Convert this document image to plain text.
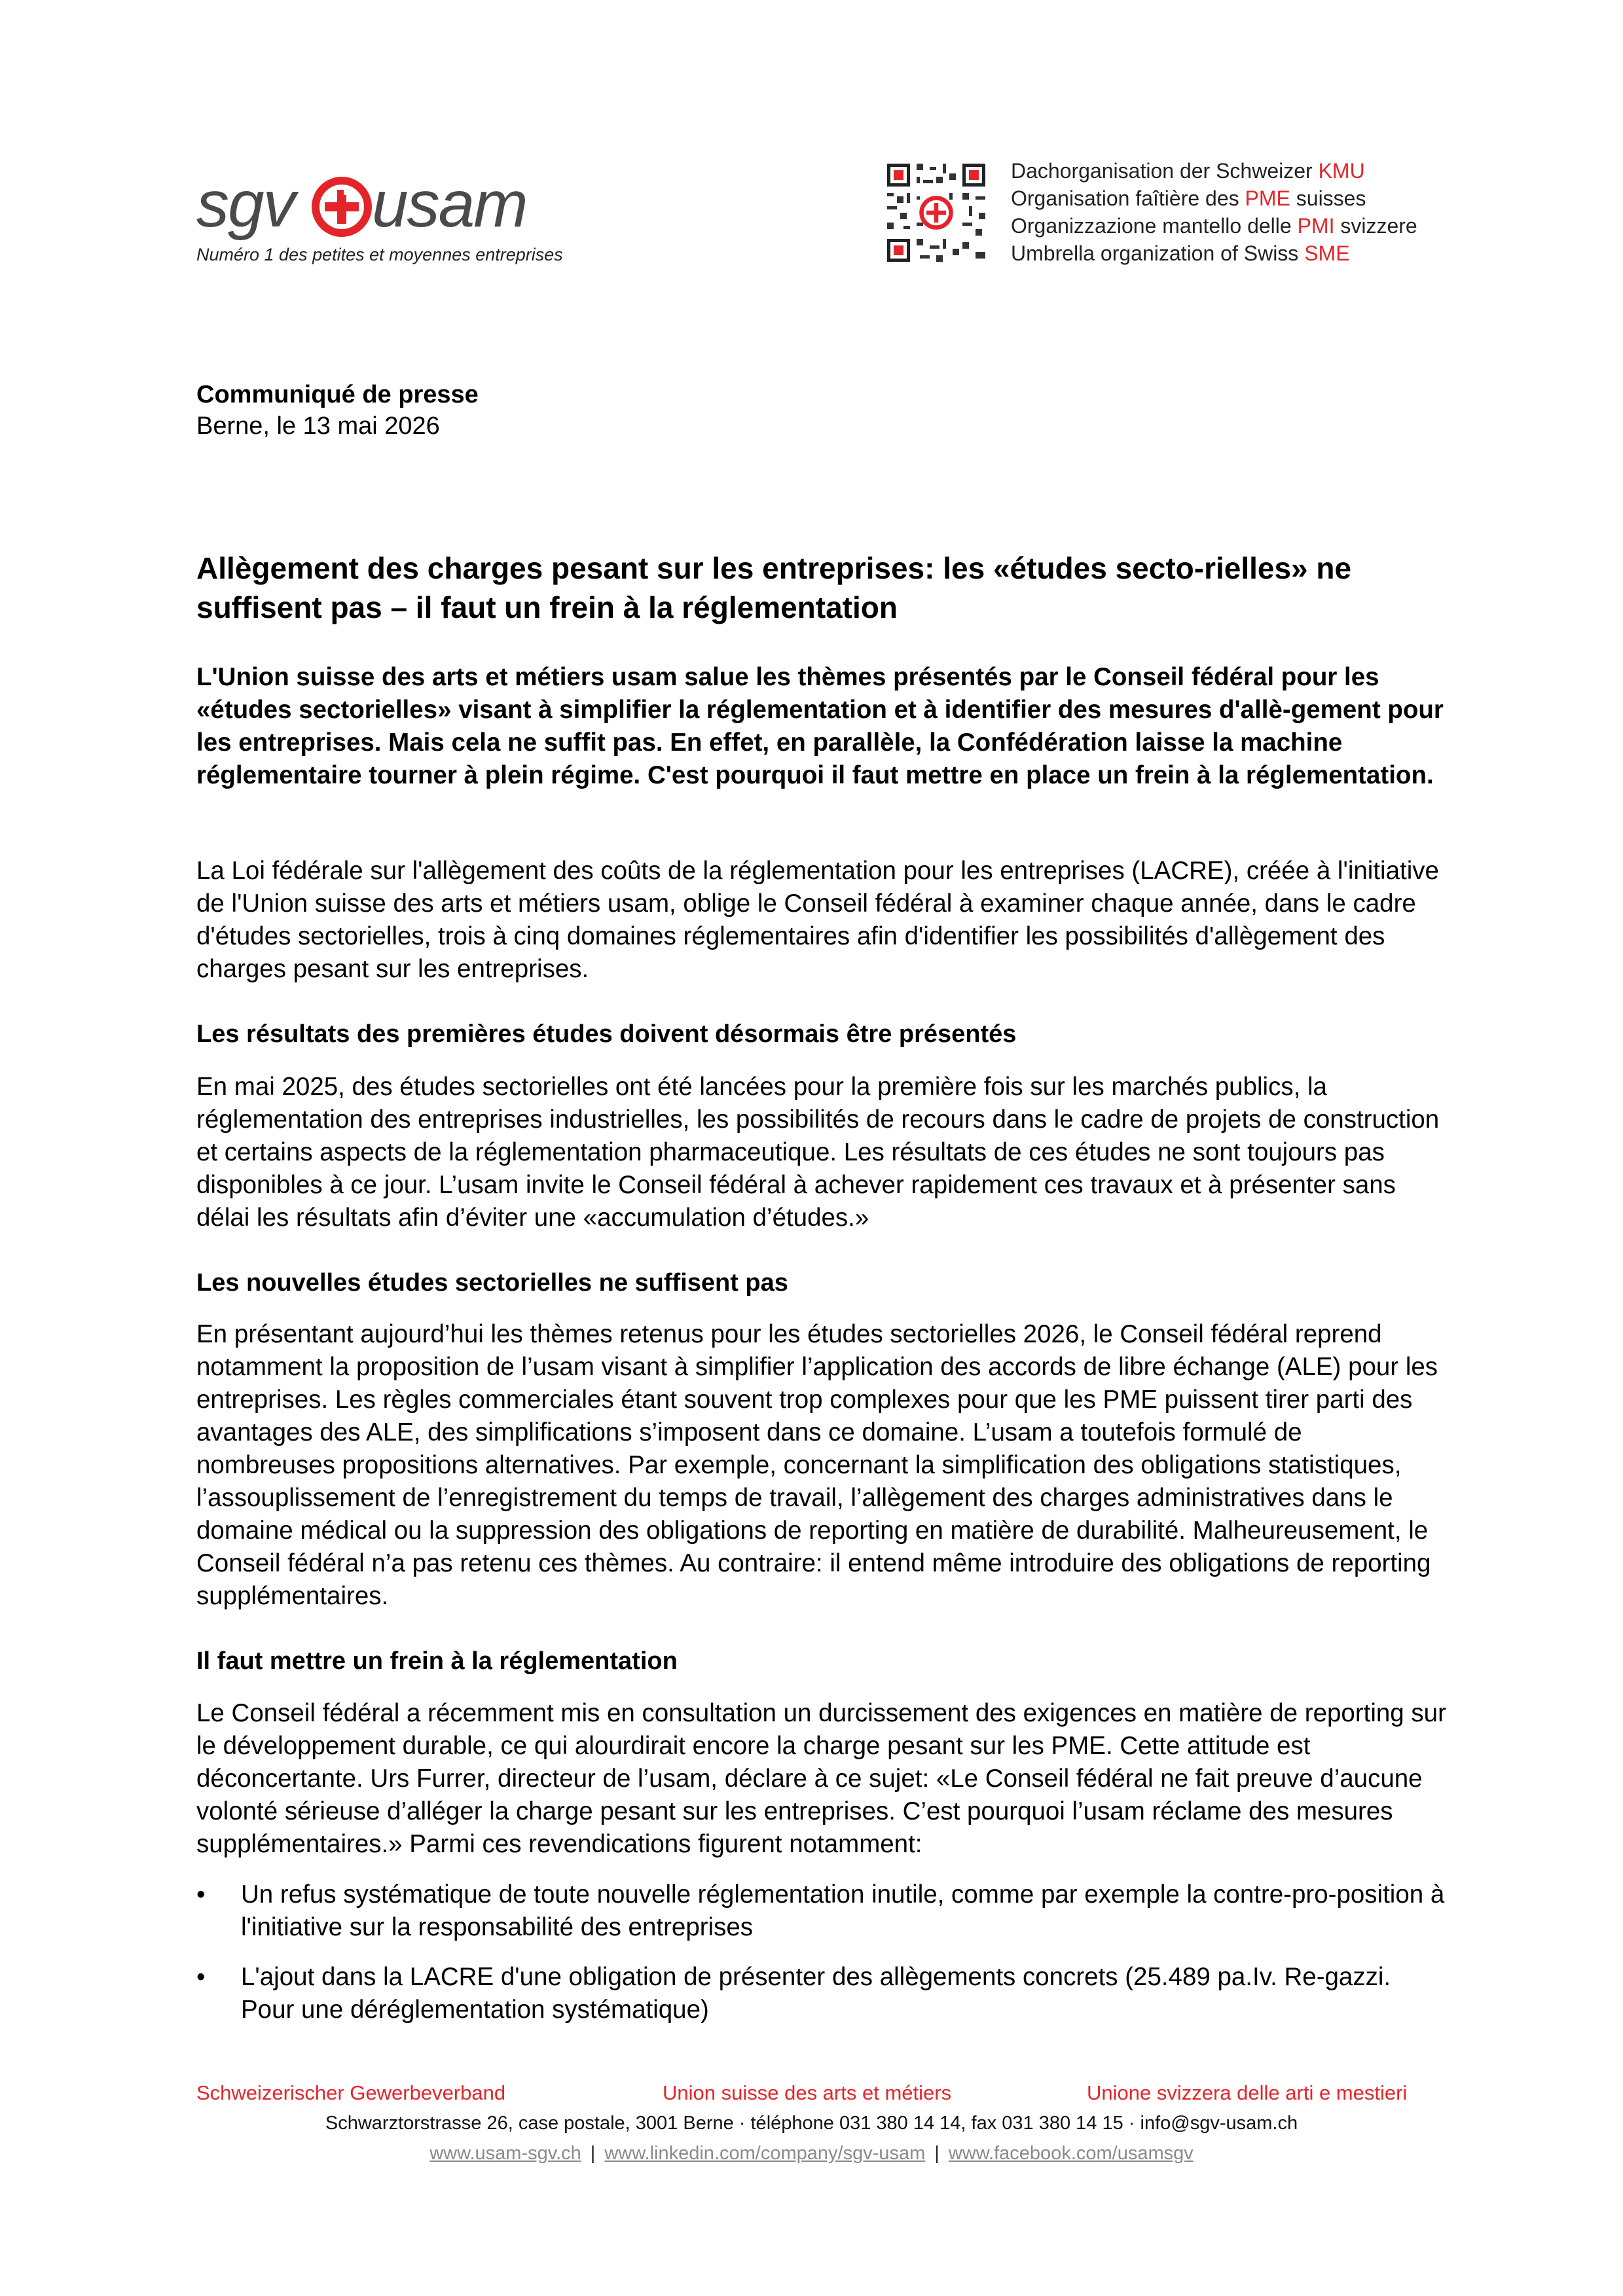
sgv usam
Numéro 1 des petites et moyennes entreprises
Dachorganisation der Schweizer KMU
Organisation faîtière des PME suisses
Organizzazione mantello delle PMI svizzere
Umbrella organization of Swiss SME
Communiqué de presse
Berne, le 13 mai 2026
Allègement des charges pesant sur les entreprises: les «études secto-rielles» ne suffisent pas – il faut un frein à la réglementation
L'Union suisse des arts et métiers usam salue les thèmes présentés par le Conseil fédéral pour les «études sectorielles» visant à simplifier la réglementation et à identifier des mesures d'allè-gement pour les entreprises. Mais cela ne suffit pas. En effet, en parallèle, la Confédération laisse la machine réglementaire tourner à plein régime. C'est pourquoi il faut mettre en place un frein à la réglementation.
La Loi fédérale sur l'allègement des coûts de la réglementation pour les entreprises (LACRE), créée à l'initiative de l'Union suisse des arts et métiers usam, oblige le Conseil fédéral à examiner chaque année, dans le cadre d'études sectorielles, trois à cinq domaines réglementaires afin d'identifier les possibilités d'allègement des charges pesant sur les entreprises.
Les résultats des premières études doivent désormais être présentés
En mai 2025, des études sectorielles ont été lancées pour la première fois sur les marchés publics, la réglementation des entreprises industrielles, les possibilités de recours dans le cadre de projets de construction et certains aspects de la réglementation pharmaceutique. Les résultats de ces études ne sont toujours pas disponibles à ce jour. L’usam invite le Conseil fédéral à achever rapidement ces travaux et à présenter sans délai les résultats afin d’éviter une «accumulation d’études.»
Les nouvelles études sectorielles ne suffisent pas
En présentant aujourd’hui les thèmes retenus pour les études sectorielles 2026, le Conseil fédéral reprend notamment la proposition de l’usam visant à simplifier l’application des accords de libre échange (ALE) pour les entreprises. Les règles commerciales étant souvent trop complexes pour que les PME puissent tirer parti des avantages des ALE, des simplifications s’imposent dans ce domaine. L’usam a toutefois formulé de nombreuses propositions alternatives. Par exemple, concernant la simplification des obligations statistiques, l’assouplissement de l’enregistrement du temps de travail, l’allègement des charges administratives dans le domaine médical ou la suppression des obligations de reporting en matière de durabilité. Malheureusement, le Conseil fédéral n’a pas retenu ces thèmes. Au contraire: il entend même introduire des obligations de reporting supplémentaires.
Il faut mettre un frein à la réglementation
Le Conseil fédéral a récemment mis en consultation un durcissement des exigences en matière de reporting sur le développement durable, ce qui alourdirait encore la charge pesant sur les PME. Cette attitude est déconcertante. Urs Furrer, directeur de l’usam, déclare à ce sujet: «Le Conseil fédéral ne fait preuve d’aucune volonté sérieuse d’alléger la charge pesant sur les entreprises. C’est pourquoi l’usam réclame des mesures supplémentaires.» Parmi ces revendications figurent notamment:
• Un refus systématique de toute nouvelle réglementation inutile, comme par exemple la contre-pro-position à l'initiative sur la responsabilité des entreprises
• L'ajout dans la LACRE d'une obligation de présenter des allègements concrets (25.489 pa.Iv. Re-gazzi. Pour une déréglementation systématique)
Schweizerischer Gewerbeverband	Union suisse des arts et métiers	Unione svizzera delle arti e mestieri
Schwarztorstrasse 26, case postale, 3001 Berne · téléphone 031 380 14 14, fax 031 380 14 15 · info@sgv-usam.ch
www.usam-sgv.ch | www.linkedin.com/company/sgv-usam | www.facebook.com/usamsgv
